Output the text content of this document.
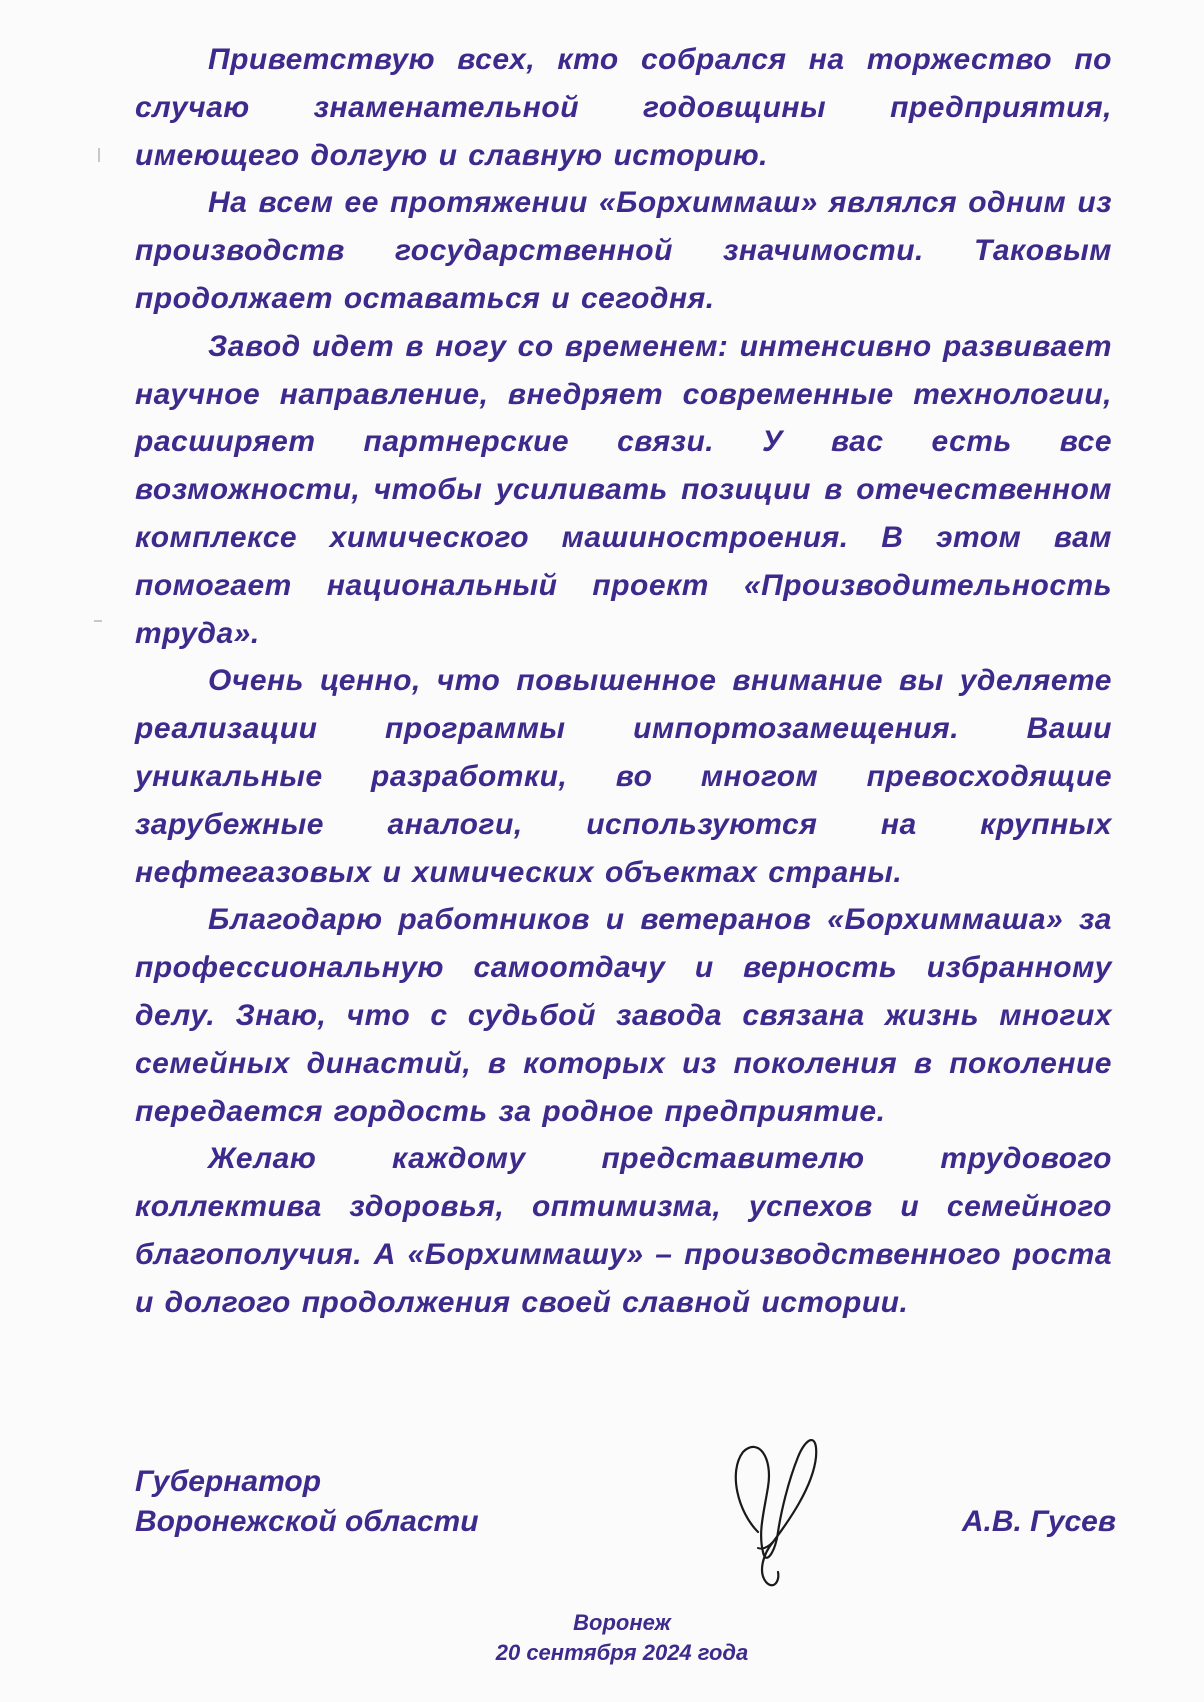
Приветствую всех, кто собрался на торжество по случаю знаменательной годовщины предприятия, имеющего долгую и славную историю.

На всем ее протяжении «Борхиммаш» являлся одним из производств государственной значимости. Таковым продолжает оставаться и сегодня.

Завод идет в ногу со временем: интенсивно развивает научное направление, внедряет современные технологии, расширяет партнерские связи. У вас есть все возможности, чтобы усиливать позиции в отечественном комплексе химического машиностроения. В этом вам помогает национальный проект «Производительность труда».

Очень ценно, что повышенное внимание вы уделяете реализации программы импортозамещения. Ваши уникальные разработки, во многом превосходящие зарубежные аналоги, используются на крупных нефтегазовых и химических объектах страны.

Благодарю работников и ветеранов «Борхиммаша» за профессиональную самоотдачу и верность избранному делу. Знаю, что с судьбой завода связана жизнь многих семейных династий, в которых из поколения в поколение передается гордость за родное предприятие.

Желаю каждому представителю трудового коллектива здоровья, оптимизма, успехов и семейного благополучия. А «Борхиммашу» – производственного роста и долгого продолжения своей славной истории.

Губернатор
Воронежской области	А.В. Гусев
Воронеж
20 сентября 2024 года
